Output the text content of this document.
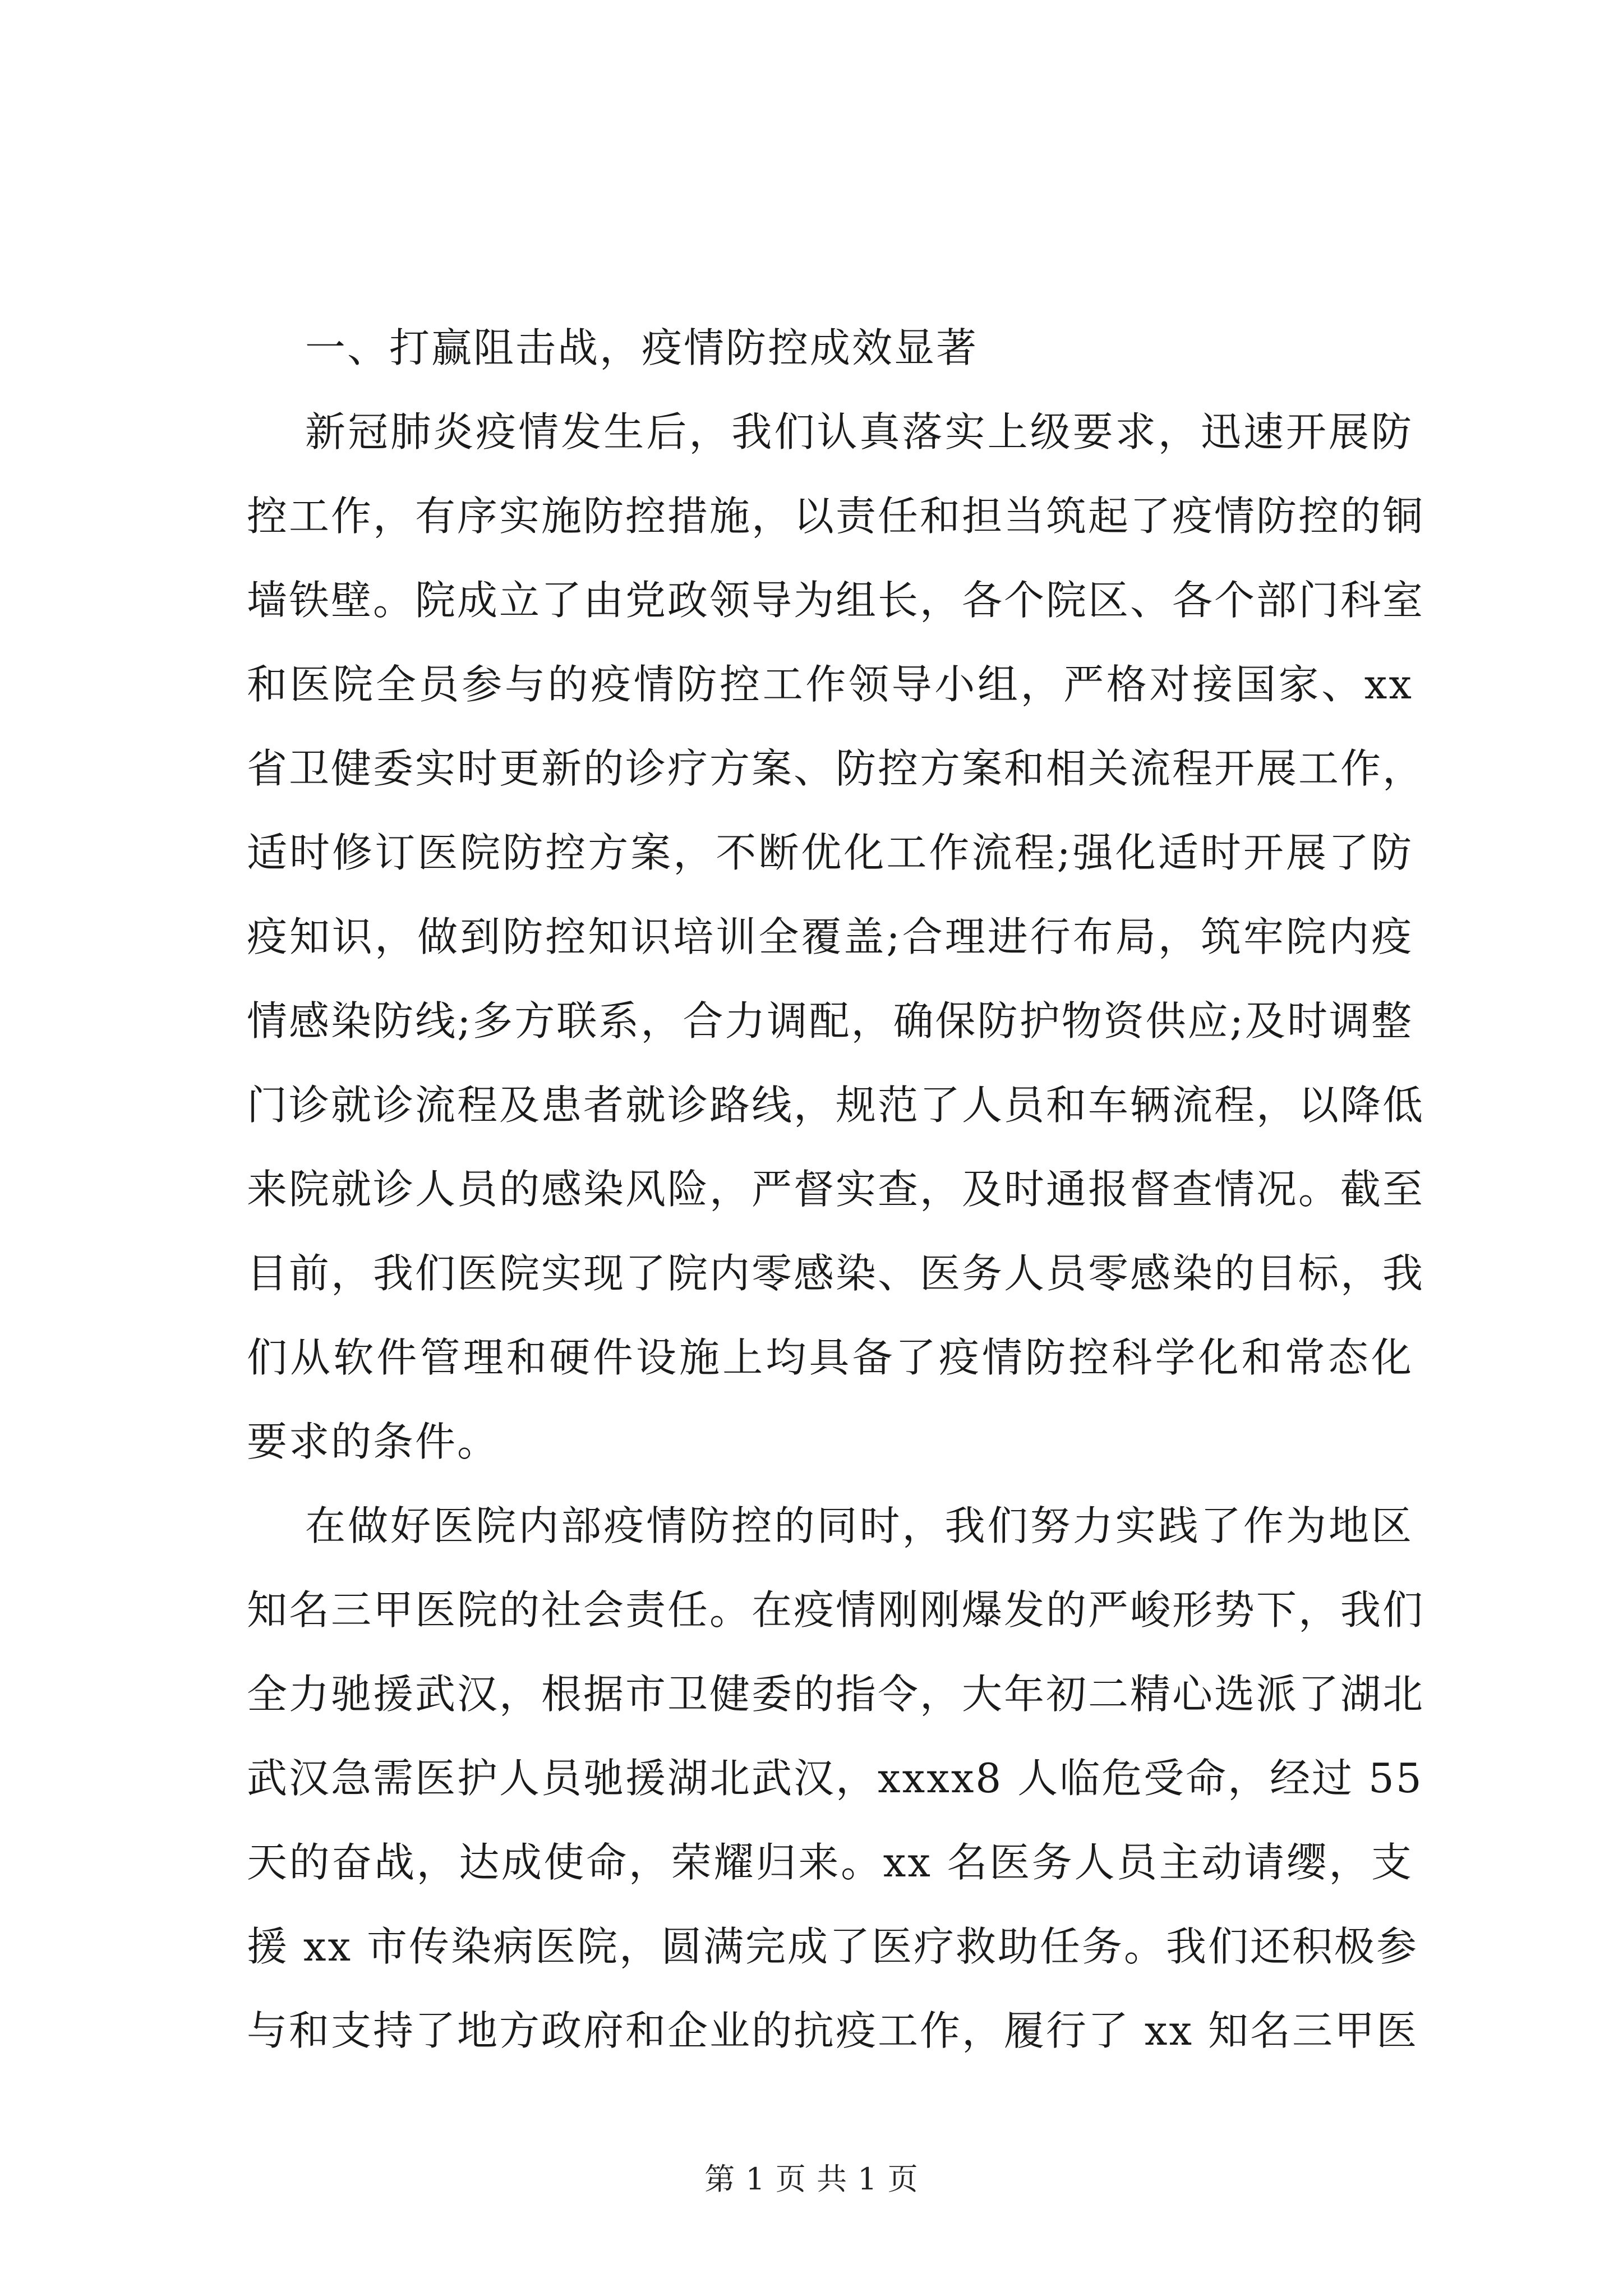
一、打赢阻击战，疫情防控成效显著

新冠肺炎疫情发生后，我们认真落实上级要求，迅速开展防
控工作，有序实施防控措施，以责任和担当筑起了疫情防控的铜
墙铁壁。院成立了由党政领导为组长，各个院区、各个部门科室
和医院全员参与的疫情防控工作领导小组，严格对接国家、xx
省卫健委实时更新的诊疗方案、防控方案和相关流程开展工作，
适时修订医院防控方案，不断优化工作流程;强化适时开展了防
疫知识，做到防控知识培训全覆盖;合理进行布局，筑牢院内疫
情感染防线;多方联系，合力调配，确保防护物资供应;及时调整
门诊就诊流程及患者就诊路线，规范了人员和车辆流程，以降低
来院就诊人员的感染风险，严督实查，及时通报督查情况。截至
目前，我们医院实现了院内零感染、医务人员零感染的目标，我
们从软件管理和硬件设施上均具备了疫情防控科学化和常态化
要求的条件。
在做好医院内部疫情防控的同时，我们努力实践了作为地区
知名三甲医院的社会责任。在疫情刚刚爆发的严峻形势下，我们
全力驰援武汉，根据市卫健委的指令，大年初二精心选派了湖北
武汉急需医护人员驰援湖北武汉，xxxx8 人临危受命，经过 55
天的奋战，达成使命，荣耀归来。xx 名医务人员主动请缨，支
援 xx 市传染病医院，圆满完成了医疗救助任务。我们还积极参
与和支持了地方政府和企业的抗疫工作，履行了 xx 知名三甲医
第 1 页 共 1 页
